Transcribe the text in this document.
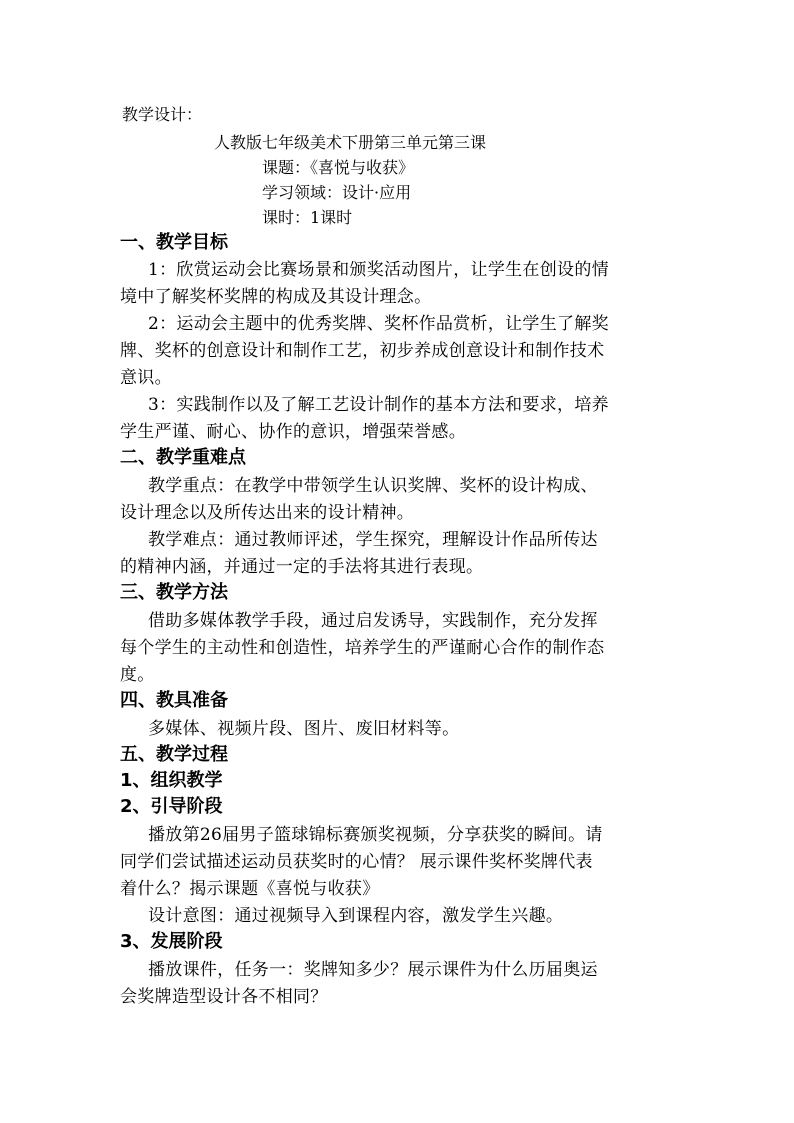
教学设计：
人教版七年级美术下册第三单元第三课
课题：《喜悦与收获》
学习领域：设计·应用
课时：1课时
一、教学目标
1：欣赏运动会比赛场景和颁奖活动图片，让学生在创设的情
境中了解奖杯奖牌的构成及其设计理念。
2：运动会主题中的优秀奖牌、奖杯作品赏析，让学生了解奖
牌、奖杯的创意设计和制作工艺，初步养成创意设计和制作技术
意识。
3：实践制作以及了解工艺设计制作的基本方法和要求，培养
学生严谨、耐心、协作的意识，增强荣誉感。
二、教学重难点
教学重点：在教学中带领学生认识奖牌、奖杯的设计构成、
设计理念以及所传达出来的设计精神。
教学难点：通过教师评述，学生探究，理解设计作品所传达
的精神内涵，并通过一定的手法将其进行表现。
三、教学方法
借助多媒体教学手段，通过启发诱导，实践制作，充分发挥
每个学生的主动性和创造性，培养学生的严谨耐心合作的制作态
度。
四、教具准备
多媒体、视频片段、图片、废旧材料等。
五、教学过程
1、组织教学
2、引导阶段
播放第26届男子篮球锦标赛颁奖视频，分享获奖的瞬间。请
同学们尝试描述运动员获奖时的心情？ 展示课件奖杯奖牌代表
着什么？揭示课题《喜悦与收获》
设计意图：通过视频导入到课程内容，激发学生兴趣。
3、发展阶段
播放课件，任务一：奖牌知多少？展示课件为什么历届奥运
会奖牌造型设计各不相同？
